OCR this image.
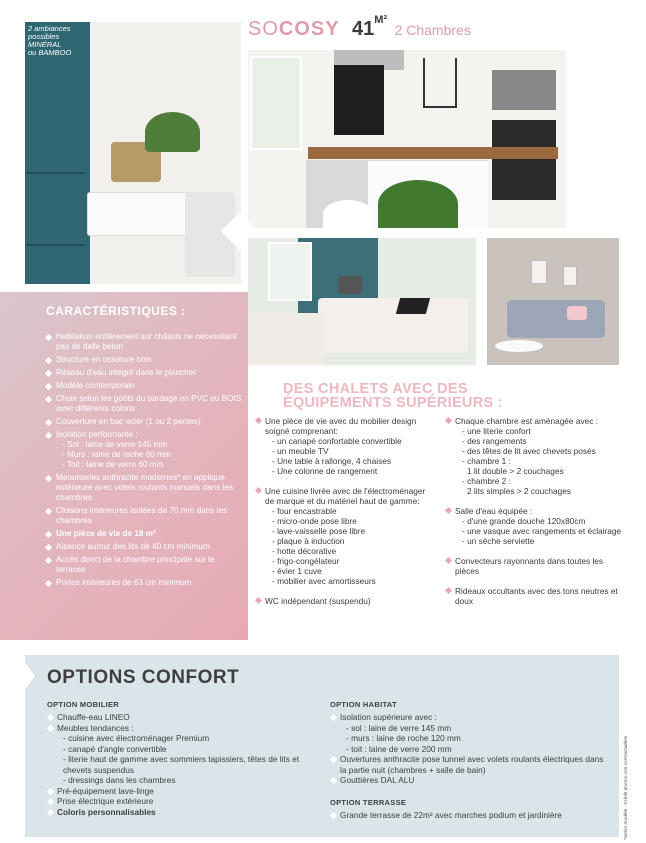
2 ambiances
possibles
MINÉRAL
ou BAMBOO
SOCOSY $41^{M^2}$ 2 Chambres
CARACTÉRISTIQUES :
Habitation entièrement sur châssis ne nécessitant pas de dalle béton
Structure en ossature bois
Réseau d'eau intégré dans le plancher
Modèle contemporain
Choix selon les goûts du bardage en PVC ou BOIS avec différents coloris
Couverture en bac acier (1 ou 2 pentes)
Isolation performante :
- Sol : laine de verre 145 mm
- Murs : laine de roche 60 mm
- Toit : laine de verre 60 mm
Menuiseries anthracite modernes* en applique extérieure avec volets roulants manuels dans les chambres
Cloisons intérieures isolées de 70 mm dans les chambres
Une pièce de vie de 18 m²
Aisance autour des lits de 40 cm minimum
Accès direct de la chambre principale sur la terrasse
Portes intérieures de 63 cm minimum
DES CHALETS AVEC DES ÉQUIPEMENTS SUPÉRIEURS :
Une pièce de vie avec du mobilier design soigné comprenant:
- un canapé confortable convertible
- un meuble TV
- Une table à rallonge, 4 chaises
- Une colonne de rangement
Une cuisine livrée avec de l'électroménager de marque et du matériel haut de gamme:
- four encastrable
- micro-onde pose libre
- lave-vaisselle pose libre
- plaque à induction
- hotte décorative
- frigo-congélateur
- évier 1 cuve
- mobilier avec amortisseurs
WC indépendant (suspendu)
Chaque chambre est aménagée avec :
- une literie confort
- des rangements
- des têtes de lit avec chevets posés
- chambre 1 :
1 lit double > 2 couchages
- chambre 2 :
2 lits simples > 2 couchages
Salle d'eau équipée :
- d'une grande douche 120x80cm
- une vasque avec rangements et éclairage
- un sèche serviette
Convecteurs rayonnants dans toutes les pièces
Rideaux occultants avec des tons neutres et doux
OPTIONS CONFORT
OPTION MOBILIER
Chauffe-eau LINEO
Meubles tendances :
- cuisine avec électroménager Premium
- canapé d'angle convertible
- literie haut de gamme avec sommiers tapissiers, têtes de lits et chevets suspendus
- dressings dans les chambres
Pré-équipement lave-linge
Prise électrique extérieure
Coloris personnalisables
OPTION HABITAT
Isolation supérieure avec :
- sol : laine de verre 145 mm
- murs : laine de roche 120 mm
- toit : laine de verre 200 mm
Ouvertures anthracite pose tunnel avec volets roulants électriques dans la partie nuit (chambres + salle de bain)
Gouttières DAL ALU
OPTION TERRASSE
Grande terrasse de 22m² avec marches podium et jardinière	*Selon modèle · Crédit photos non contractuelles
